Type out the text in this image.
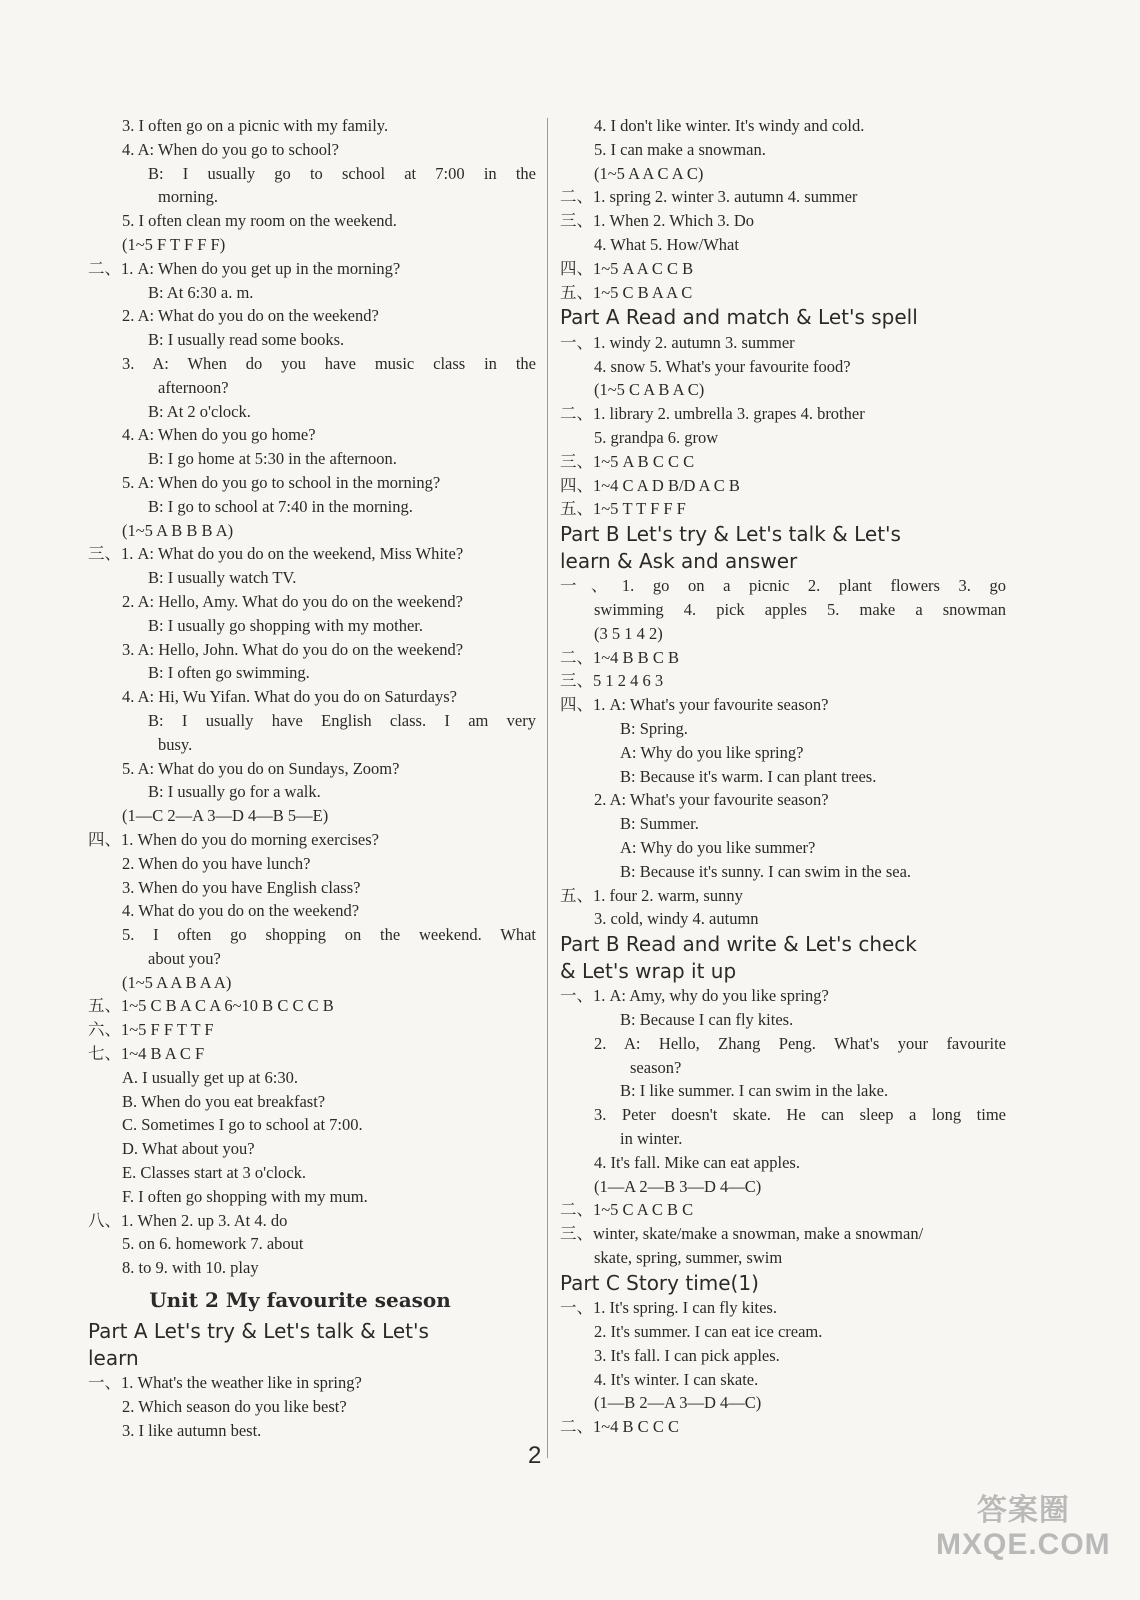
3. I often go on a picnic with my family.
4. A: When do you go to school?
B: I usually go to school at 7:00 in the
morning.
5. I often clean my room on the weekend.
(1~5 F T F F F)
二、1. A: When do you get up in the morning?
B: At 6:30 a. m.
2. A: What do you do on the weekend?
B: I usually read some books.
3. A: When do you have music class in the
afternoon?
B: At 2 o'clock.
4. A: When do you go home?
B: I go home at 5:30 in the afternoon.
5. A: When do you go to school in the morning?
B: I go to school at 7:40 in the morning.
(1~5 A B B B A)
三、1. A: What do you do on the weekend, Miss White?
B: I usually watch TV.
2. A: Hello, Amy. What do you do on the weekend?
B: I usually go shopping with my mother.
3. A: Hello, John. What do you do on the weekend?
B: I often go swimming.
4. A: Hi, Wu Yifan. What do you do on Saturdays?
B: I usually have English class. I am very
busy.
5. A: What do you do on Sundays, Zoom?
B: I usually go for a walk.
(1—C 2—A 3—D 4—B 5—E)
四、1. When do you do morning exercises?
2. When do you have lunch?
3. When do you have English class?
4. What do you do on the weekend?
5. I often go shopping on the weekend. What
about you?
(1~5 A A B A A)
五、1~5 C B A C A 6~10 B C C C B
六、1~5 F F T T F
七、1~4 B A C F
A. I usually get up at 6:30.
B. When do you eat breakfast?
C. Sometimes I go to school at 7:00.
D. What about you?
E. Classes start at 3 o'clock.
F. I often go shopping with my mum.
八、1. When 2. up 3. At 4. do
5. on 6. homework 7. about
8. to 9. with 10. play
Unit 2 My favourite season
Part A Let's try & Let's talk & Let's
learn
一、1. What's the weather like in spring?
2. Which season do you like best?
3. I like autumn best.
4. I don't like winter. It's windy and cold.
5. I can make a snowman.
(1~5 A A C A C)
二、1. spring 2. winter 3. autumn 4. summer
三、1. When 2. Which 3. Do
4. What 5. How/What
四、1~5 A A C C B
五、1~5 C B A A C
Part A Read and match & Let's spell
一、1. windy 2. autumn 3. summer
4. snow 5. What's your favourite food?
(1~5 C A B A C)
二、1. library 2. umbrella 3. grapes 4. brother
5. grandpa 6. grow
三、1~5 A B C C C
四、1~4 C A D B/D A C B
五、1~5 T T F F F
Part B Let's try & Let's talk & Let's
learn & Ask and answer
一、1. go on a picnic 2. plant flowers 3. go
swimming 4. pick apples 5. make a snowman
(3 5 1 4 2)
二、1~4 B B C B
三、5 1 2 4 6 3
四、1. A: What's your favourite season?
B: Spring.
A: Why do you like spring?
B: Because it's warm. I can plant trees.
2. A: What's your favourite season?
B: Summer.
A: Why do you like summer?
B: Because it's sunny. I can swim in the sea.
五、1. four 2. warm, sunny
3. cold, windy 4. autumn
Part B Read and write & Let's check
& Let's wrap it up
一、1. A: Amy, why do you like spring?
B: Because I can fly kites.
2. A: Hello, Zhang Peng. What's your favourite
season?
B: I like summer. I can swim in the lake.
3. Peter doesn't skate. He can sleep a long time
in winter.
4. It's fall. Mike can eat apples.
(1—A 2—B 3—D 4—C)
二、1~5 C A C B C
三、winter, skate/make a snowman, make a snowman/
skate, spring, summer, swim
Part C Story time(1)
一、1. It's spring. I can fly kites.
2. It's summer. I can eat ice cream.
3. It's fall. I can pick apples.
4. It's winter. I can skate.
(1—B 2—A 3—D 4—C)
二、1~4 B C C C
2
答案圈
MXQE.COM
